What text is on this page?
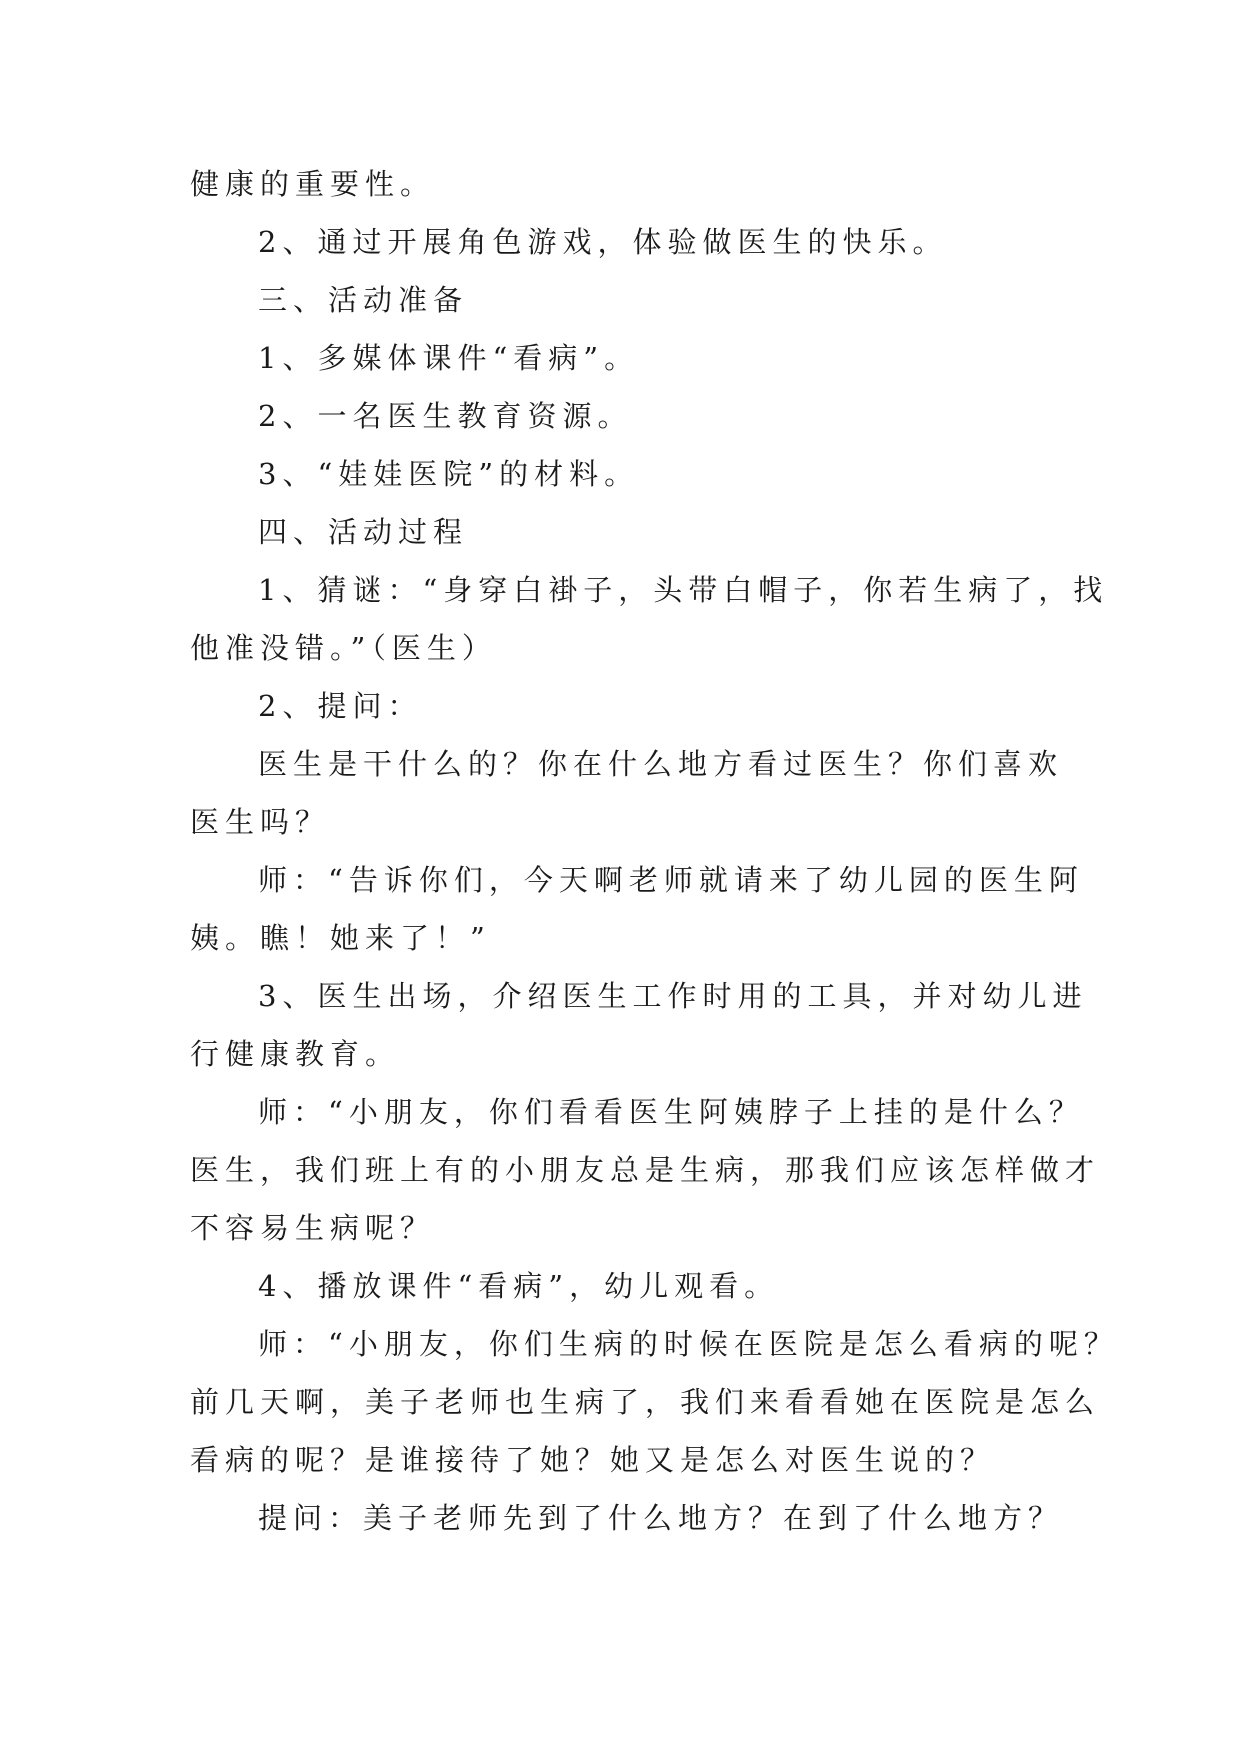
健康的重要性。
2、通过开展角色游戏，体验做医生的快乐。
三、活动准备
1、多媒体课件“看病”。
2、一名医生教育资源。
3、“娃娃医院”的材料。
四、活动过程
1、猜谜：“身穿白褂子，头带白帽子，你若生病了，找
他准没错。”（医生）
2、提问：
医生是干什么的？你在什么地方看过医生？你们喜欢
医生吗？
师：“告诉你们，今天啊老师就请来了幼儿园的医生阿
姨。瞧！她来了！”
3、医生出场，介绍医生工作时用的工具，并对幼儿进
行健康教育。
师：“小朋友，你们看看医生阿姨脖子上挂的是什么？
医生，我们班上有的小朋友总是生病，那我们应该怎样做才
不容易生病呢？
4、播放课件“看病”，幼儿观看。
师：“小朋友，你们生病的时候在医院是怎么看病的呢？
前几天啊，美子老师也生病了，我们来看看她在医院是怎么
看病的呢？是谁接待了她？她又是怎么对医生说的？
提问：美子老师先到了什么地方？在到了什么地方？
